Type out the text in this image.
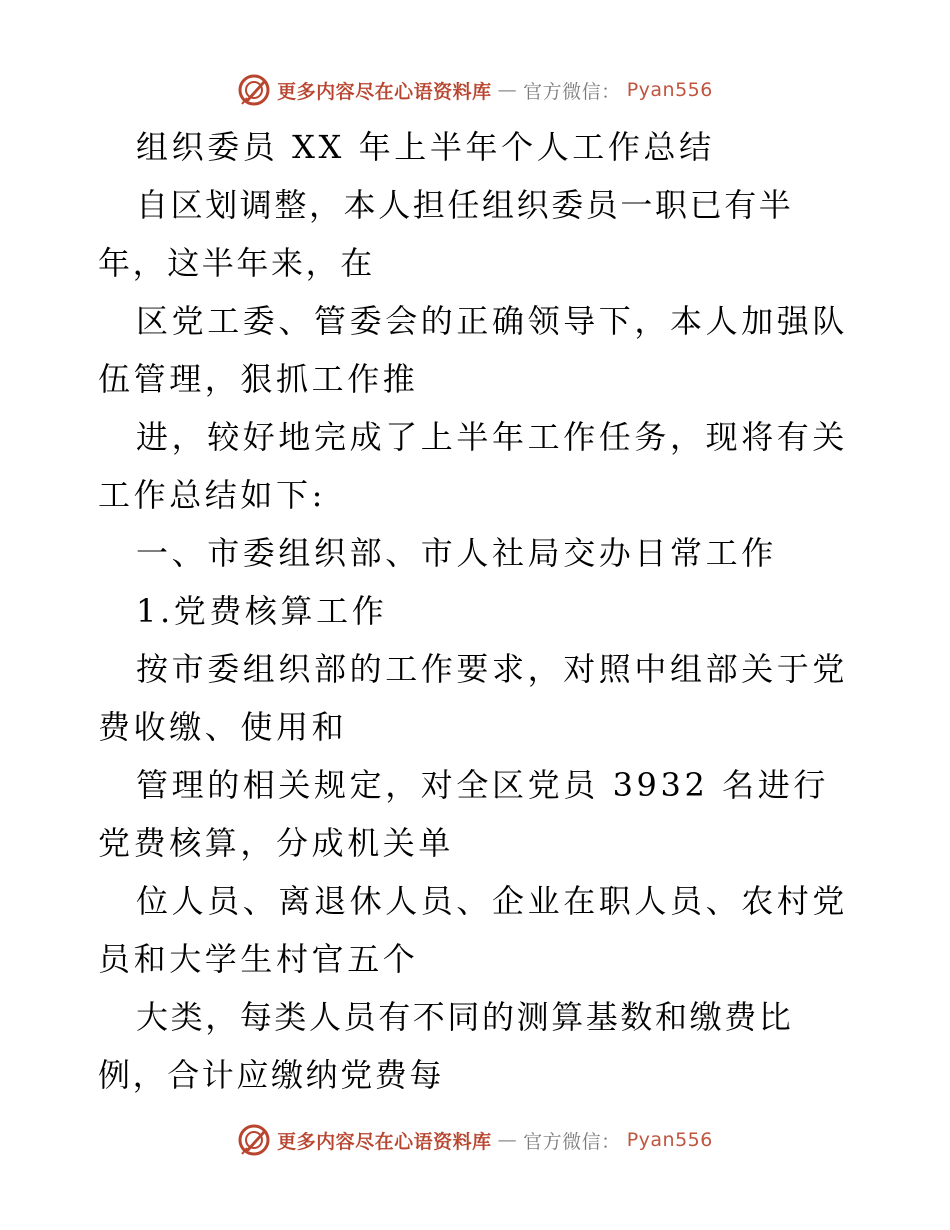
更多内容尽在心语资料库 — 官方微信： Pyan556

组织委员 XX 年上半年个人工作总结

自区划调整，本人担任组织委员一职已有半年，这半年来，在

区党工委、管委会的正确领导下，本人加强队伍管理，狠抓工作推

进，较好地完成了上半年工作任务，现将有关工作总结如下:

一、市委组织部、市人社局交办日常工作

1.党费核算工作

按市委组织部的工作要求，对照中组部关于党费收缴、使用和

管理的相关规定，对全区党员 3932 名进行党费核算，分成机关单

位人员、离退休人员、企业在职人员、农村党员和大学生村官五个

大类，每类人员有不同的测算基数和缴费比例，合计应缴纳党费每

更多内容尽在心语资料库 — 官方微信： Pyan556
